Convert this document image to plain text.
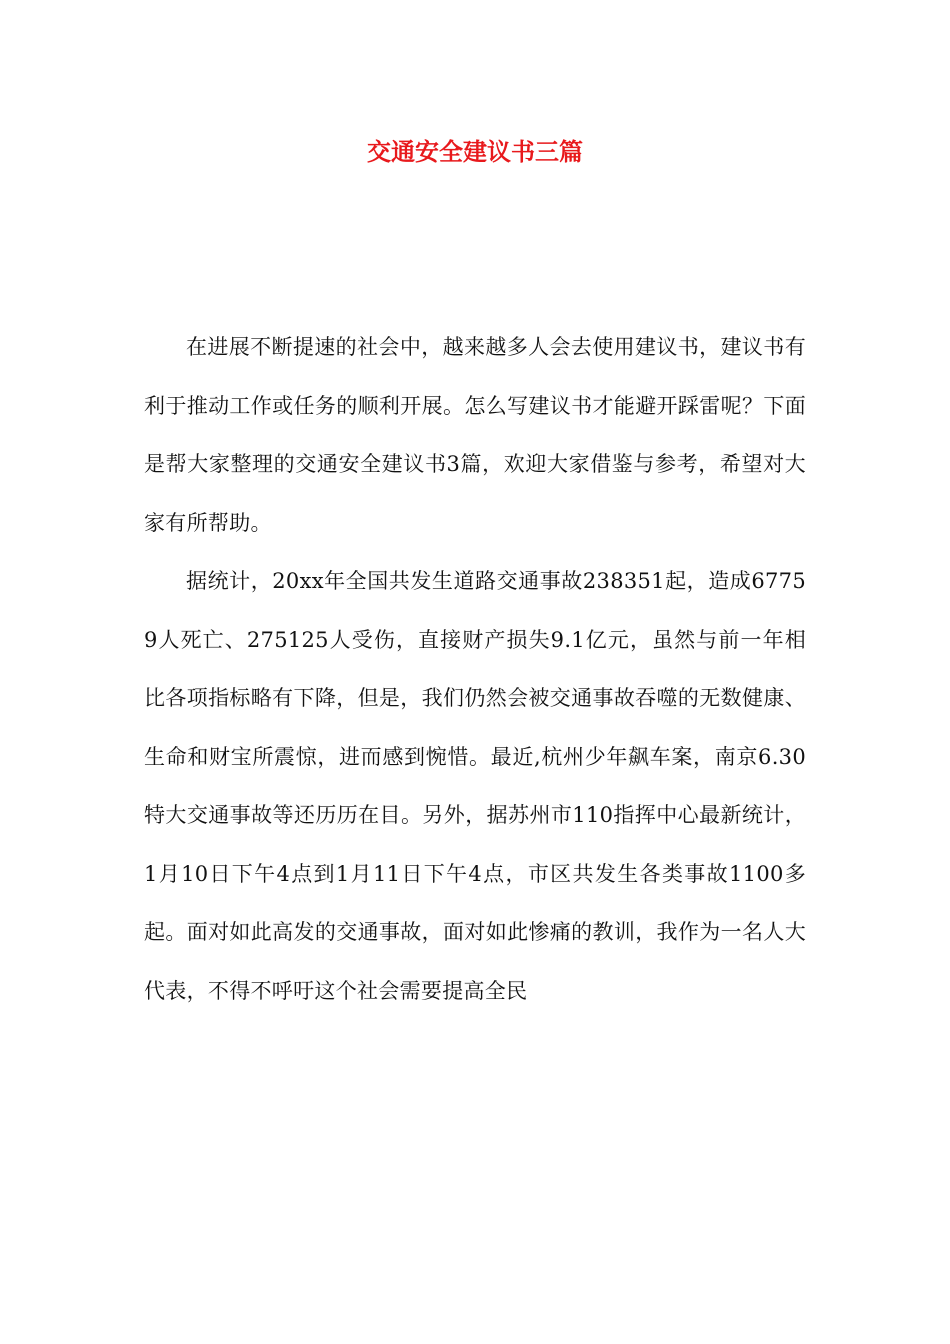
交通安全建议书三篇

在进展不断提速的社会中，越来越多人会去使用建议书，建议书有利于推动工作或任务的顺利开展。怎么写建议书才能避开踩雷呢？下面是帮大家整理的交通安全建议书3篇，欢迎大家借鉴与参考，希望对大家有所帮助。

据统计，20xx年全国共发生道路交通事故238351起，造成67759人死亡、275125人受伤，直接财产损失9.1亿元，虽然与前一年相比各项指标略有下降，但是，我们仍然会被交通事故吞噬的无数健康、生命和财宝所震惊，进而感到惋惜。最近,杭州少年飙车案，南京6.30特大交通事故等还历历在目。另外，据苏州市110指挥中心最新统计，1月10日下午4点到1月11日下午4点，市区共发生各类事故1100多起。面对如此高发的交通事故，面对如此惨痛的教训，我作为一名人大代表，不得不呼吁这个社会需要提高全民
